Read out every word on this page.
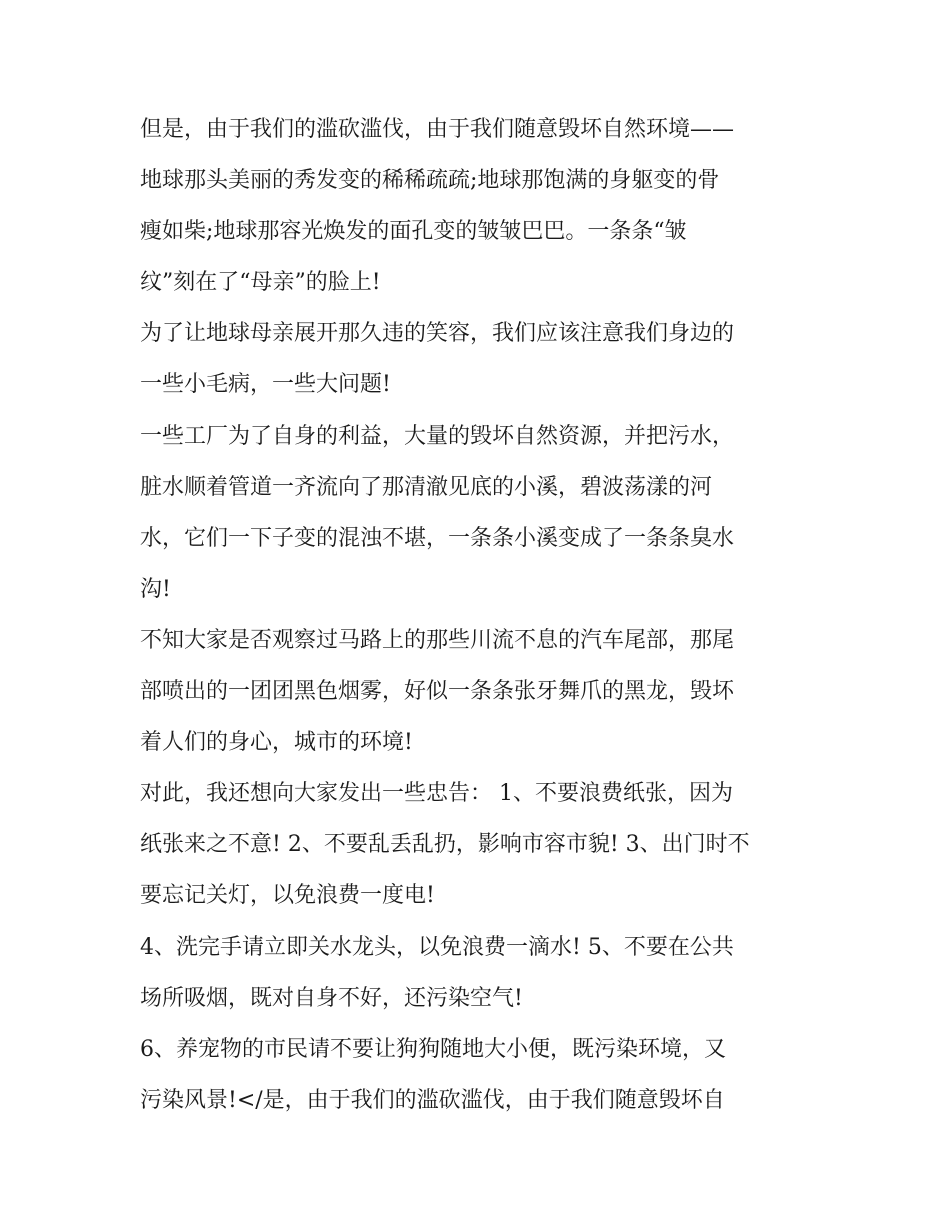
但是，由于我们的滥砍滥伐，由于我们随意毁坏自然环境——
地球那头美丽的秀发变的稀稀疏疏;地球那饱满的身躯变的骨
瘦如柴;地球那容光焕发的面孔变的皱皱巴巴。一条条“皱
纹”刻在了“母亲”的脸上!
为了让地球母亲展开那久违的笑容，我们应该注意我们身边的
一些小毛病，一些大问题!
一些工厂为了自身的利益，大量的毁坏自然资源，并把污水，
脏水顺着管道一齐流向了那清澈见底的小溪，碧波荡漾的河
水，它们一下子变的混浊不堪，一条条小溪变成了一条条臭水
沟!
不知大家是否观察过马路上的那些川流不息的汽车尾部，那尾
部喷出的一团团黑色烟雾，好似一条条张牙舞爪的黑龙，毁坏
着人们的身心，城市的环境!
对此，我还想向大家发出一些忠告： 1、不要浪费纸张，因为
纸张来之不意! 2、不要乱丢乱扔，影响市容市貌! 3、出门时不
要忘记关灯，以免浪费一度电!
4、洗完手请立即关水龙头，以免浪费一滴水! 5、不要在公共
场所吸烟，既对自身不好，还污染空气!
6、养宠物的市民请不要让狗狗随地大小便，既污染环境，又
污染风景!</是，由于我们的滥砍滥伐，由于我们随意毁坏自
